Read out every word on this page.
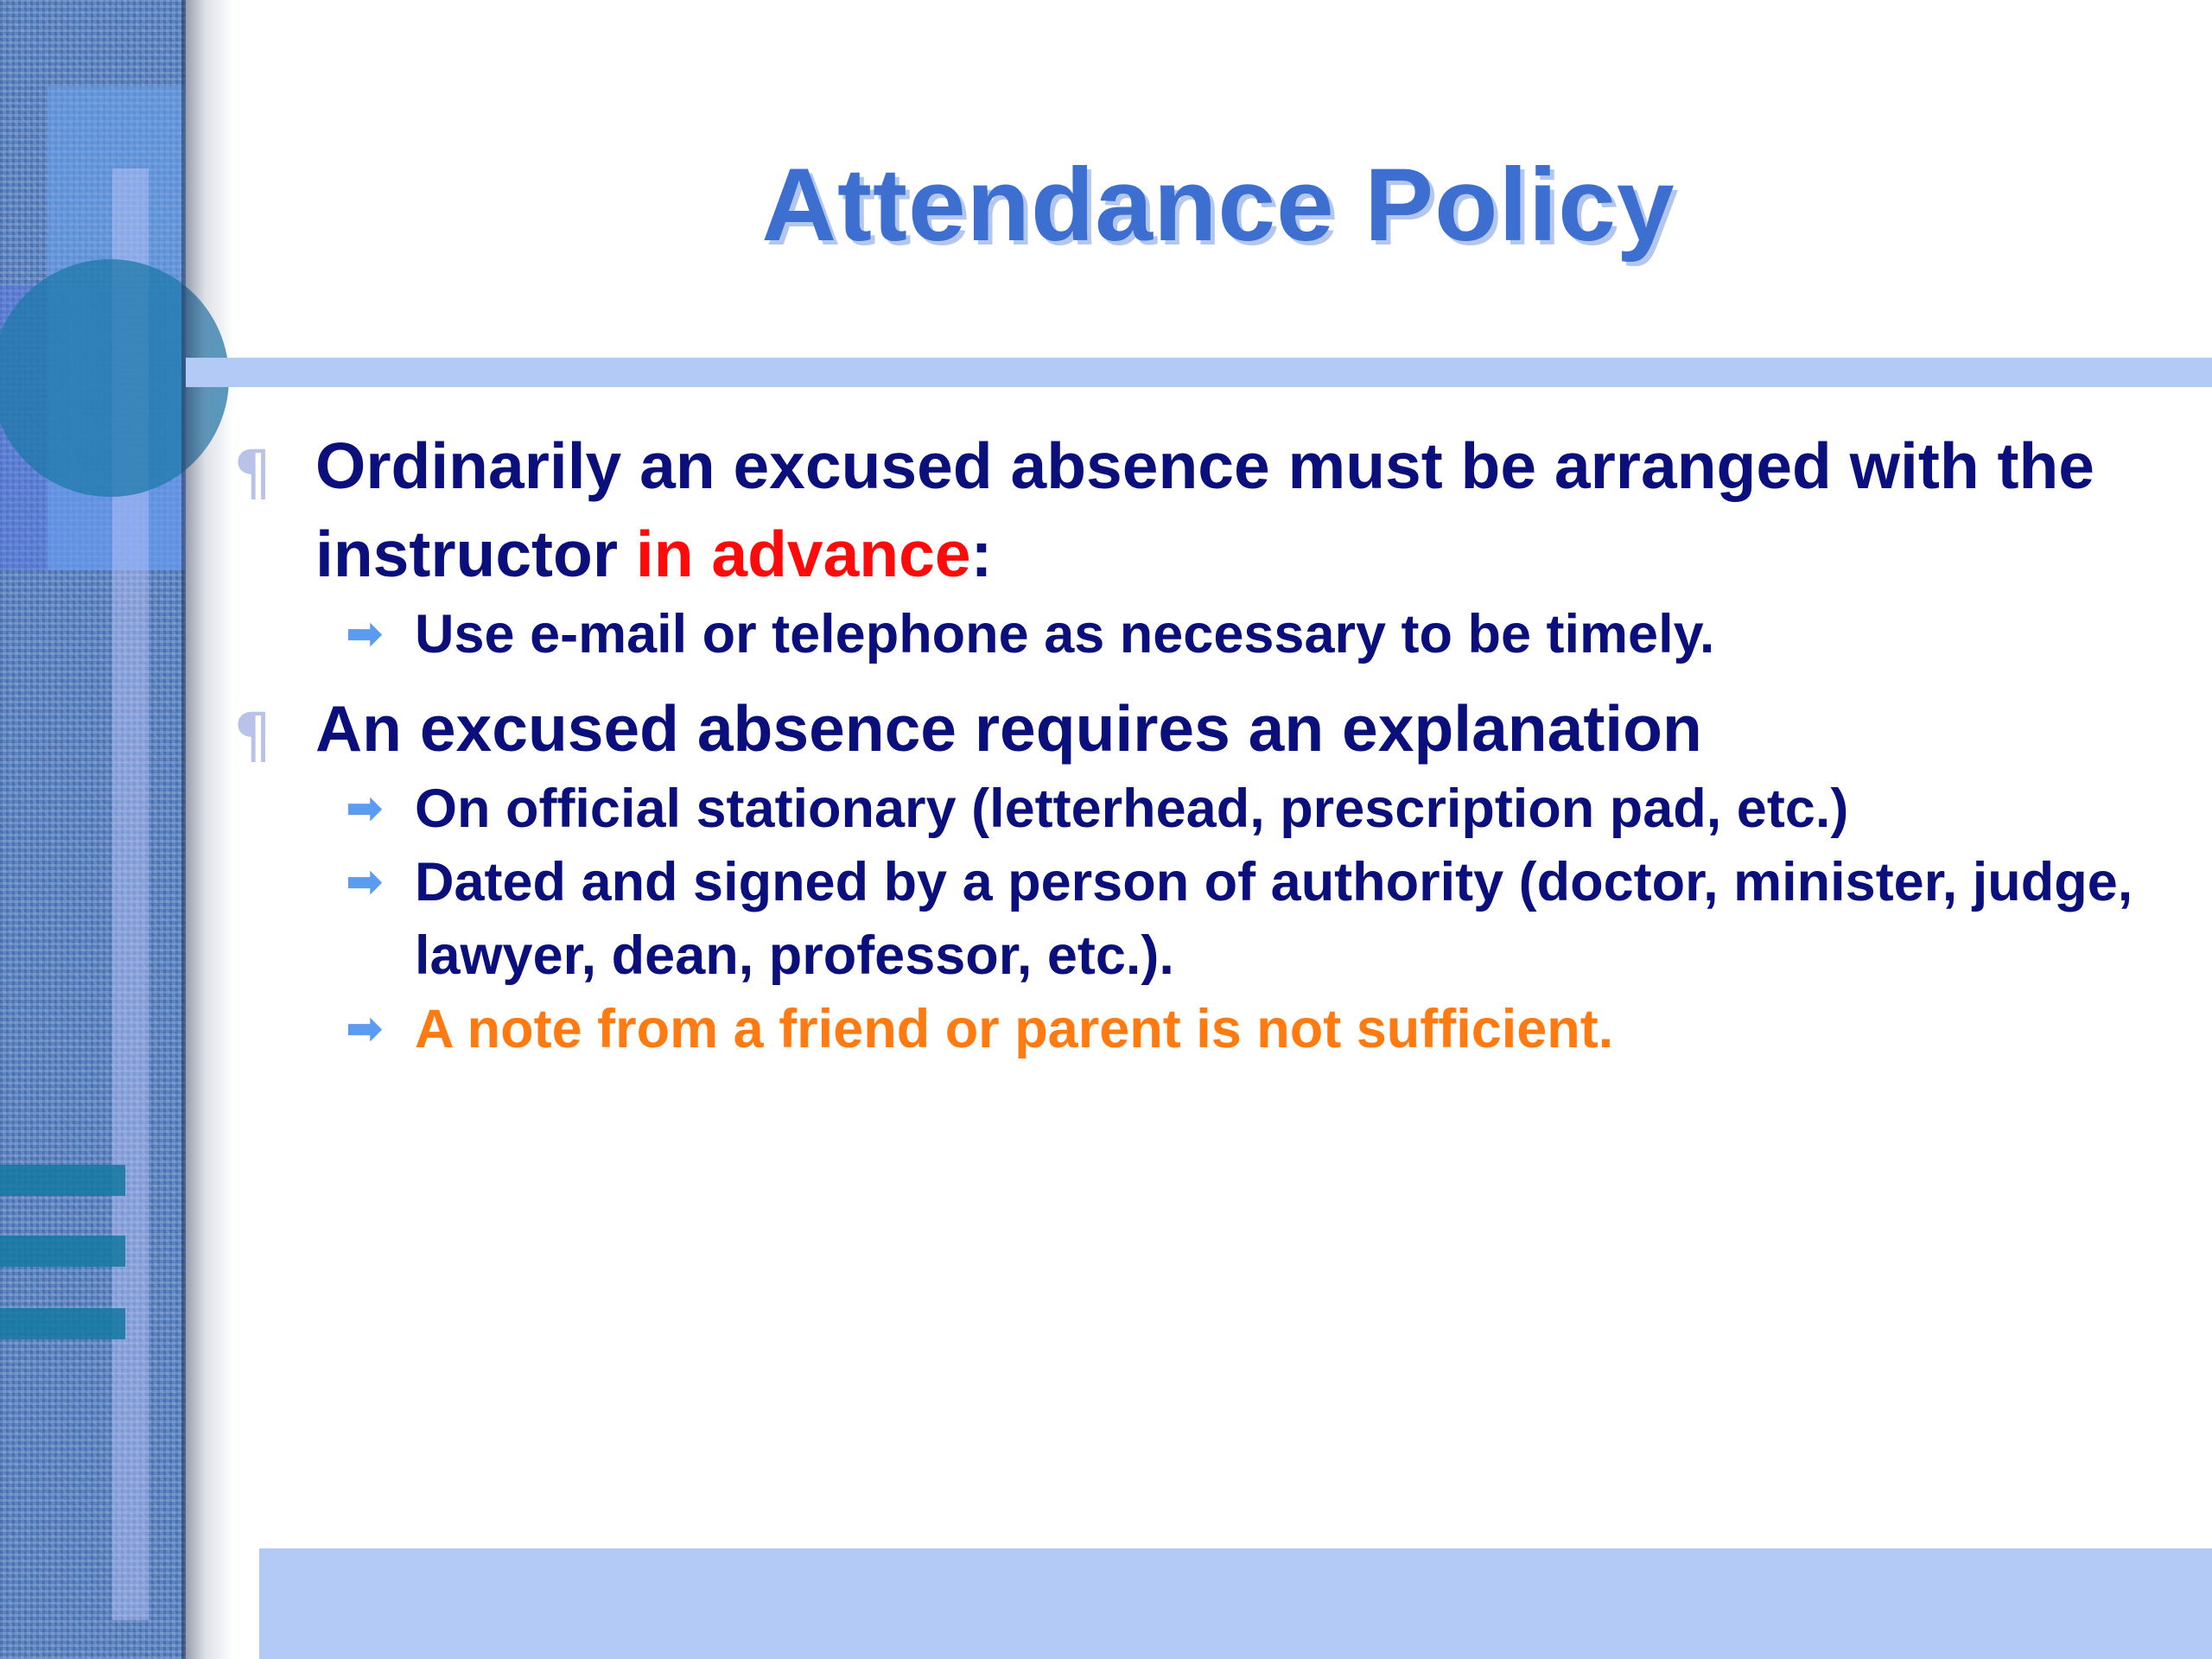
Attendance Policy
¶ Ordinarily an excused absence must be arranged with the instructor in advance:
➡ Use e-mail or telephone as necessary to be timely.
¶ An excused absence requires an explanation
➡ On official stationary (letterhead, prescription pad, etc.)
➡ Dated and signed by a person of authority (doctor, minister, judge, lawyer, dean, professor, etc.).
➡ A note from a friend or parent is not sufficient.
